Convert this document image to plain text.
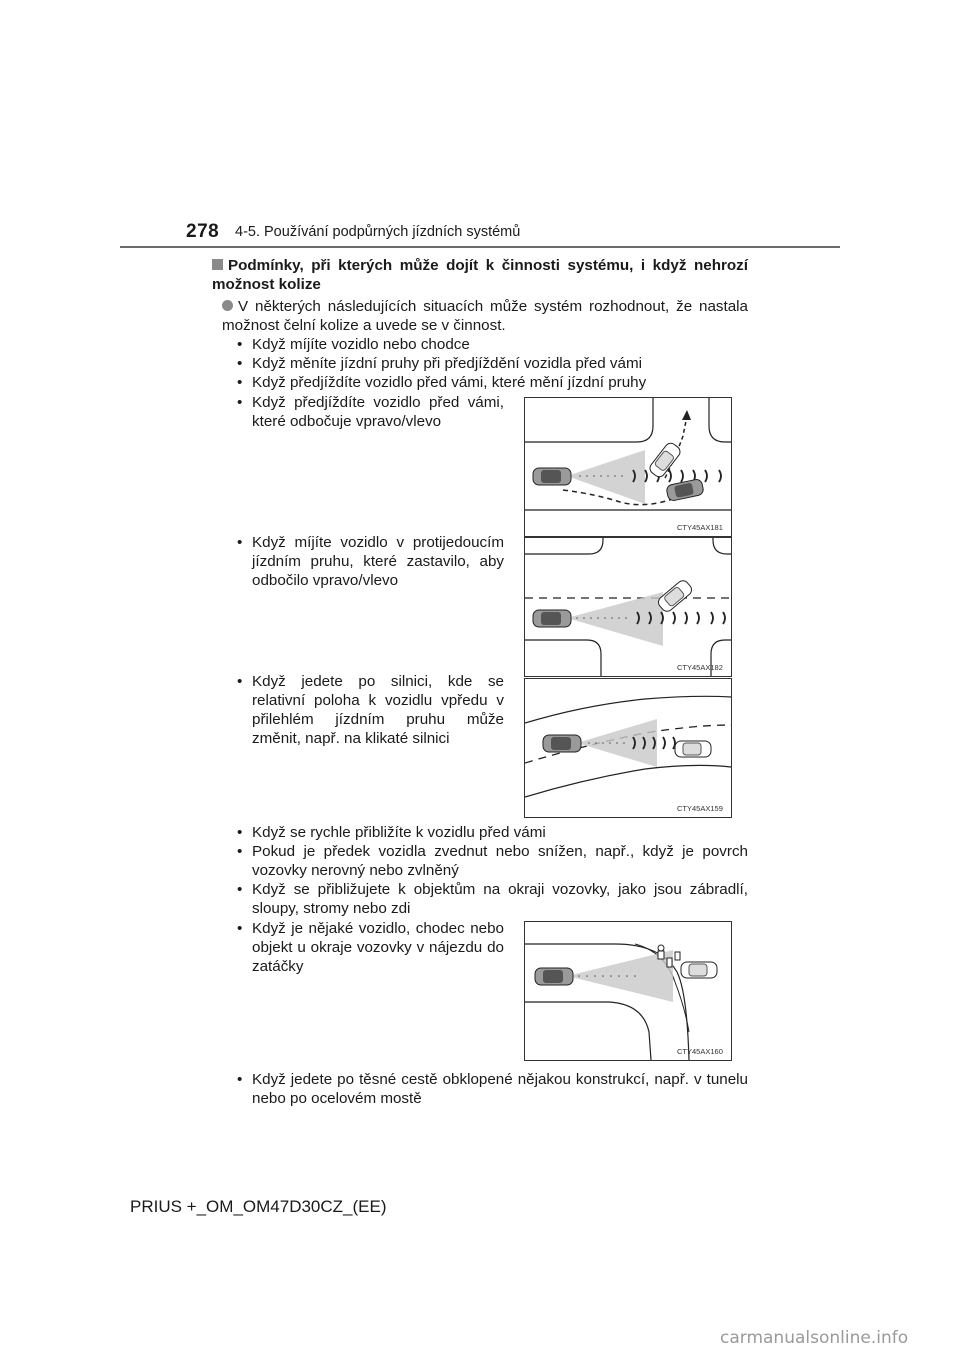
278 4-5. Používání podpůrných jízdních systémů
Podmínky, při kterých může dojít k činnosti systému, i když nehrozí možnost kolize
V některých následujících situacích může systém rozhodnout, že nastala možnost čelní kolize a uvede se v činnost.
• Když míjíte vozidlo nebo chodce
• Když měníte jízdní pruhy při předjíždění vozidla před vámi
• Když předjíždíte vozidlo před vámi, které mění jízdní pruhy
• Když předjíždíte vozidlo před vámi, které odbočuje vpravo/vlevo
CTY45AX181
• Když míjíte vozidlo v protijedoucím jízdním pruhu, které zastavilo, aby odbočilo vpravo/vlevo
CTY45AX182
• Když jedete po silnici, kde se relativní poloha k vozidlu vpředu v přilehlém jízdním pruhu může změnit, např. na klikaté silnici
CTY45AX159
• Když se rychle přibližíte k vozidlu před vámi
• Pokud je předek vozidla zvednut nebo snížen, např., když je povrch vozovky nerovný nebo zvlněný
• Když se přibližujete k objektům na okraji vozovky, jako jsou zábradlí, sloupy, stromy nebo zdi
• Když je nějaké vozidlo, chodec nebo objekt u okraje vozovky v nájezdu do zatáčky
CTY45AX160
• Když jedete po těsné cestě obklopené nějakou konstrukcí, např. v tunelu nebo po ocelovém mostě
PRIUS +_OM_OM47D30CZ_(EE)
carmanualsonline.info
